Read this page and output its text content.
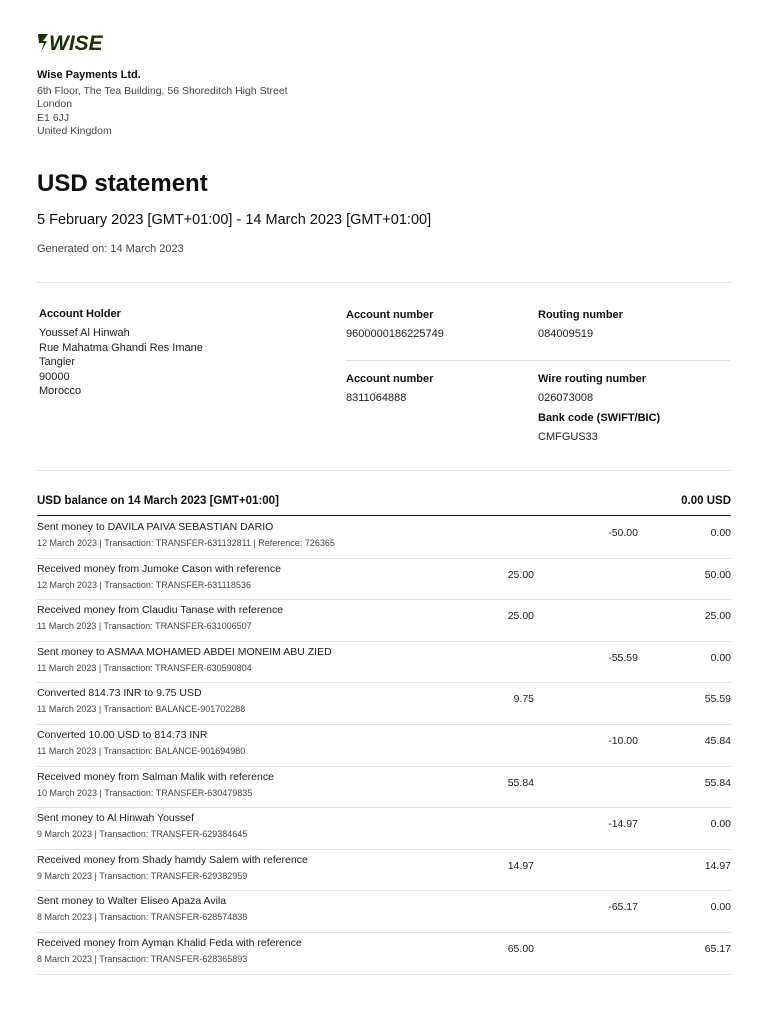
WISE
Wise Payments Ltd.
6th Floor, The Tea Building, 56 Shoreditch High Street
London
E1 6JJ
United Kingdom
USD statement
5 February 2023 [GMT+01:00] - 14 March 2023 [GMT+01:00]
Generated on: 14 March 2023
Account Holder
Youssef Al Hinwah
Rue Mahatma Ghandi Res Imane
Tangier
90000
Morocco
Account number
9600000186225749
Routing number
084009519
Account number
8311064888
Wire routing number
026073008
Bank code (SWIFT/BIC)
CMFGUS33
USD balance on 14 March 2023 [GMT+01:00]	0.00 USD
Sent money to DAVILA PAIVA SEBASTIAN DARIO
12 March 2023 | Transaction: TRANSFER-631132811 | Reference: 726365
-50.00	0.00
Received money from Jumoke Cason with reference
12 March 2023 | Transaction: TRANSFER-631118536
25.00	50.00
Received money from Claudiu Tanase with reference
11 March 2023 | Transaction: TRANSFER-631006507
25.00	25.00
Sent money to ASMAA MOHAMED ABDEI MONEIM ABU ZIED
11 March 2023 | Transaction: TRANSFER-630590804
-55.59	0.00
Converted 814.73 INR to 9.75 USD
11 March 2023 | Transaction: BALANCE-901702288
9.75	55.59
Converted 10.00 USD to 814.73 INR
11 March 2023 | Transaction: BALANCE-901694980
-10.00	45.84
Received money from Salman Malik with reference
10 March 2023 | Transaction: TRANSFER-630479835
55.84	55.84
Sent money to Al Hinwah Youssef
9 March 2023 | Transaction: TRANSFER-629384645
-14.97	0.00
Received money from Shady hamdy Salem with reference
9 March 2023 | Transaction: TRANSFER-629382959
14.97	14.97
Sent money to Walter Eliseo Apaza Avila
8 March 2023 | Transaction: TRANSFER-628574838
-65.17	0.00
Received money from Ayman Khalid Feda with reference
8 March 2023 | Transaction: TRANSFER-628365893
65.00	65.17
